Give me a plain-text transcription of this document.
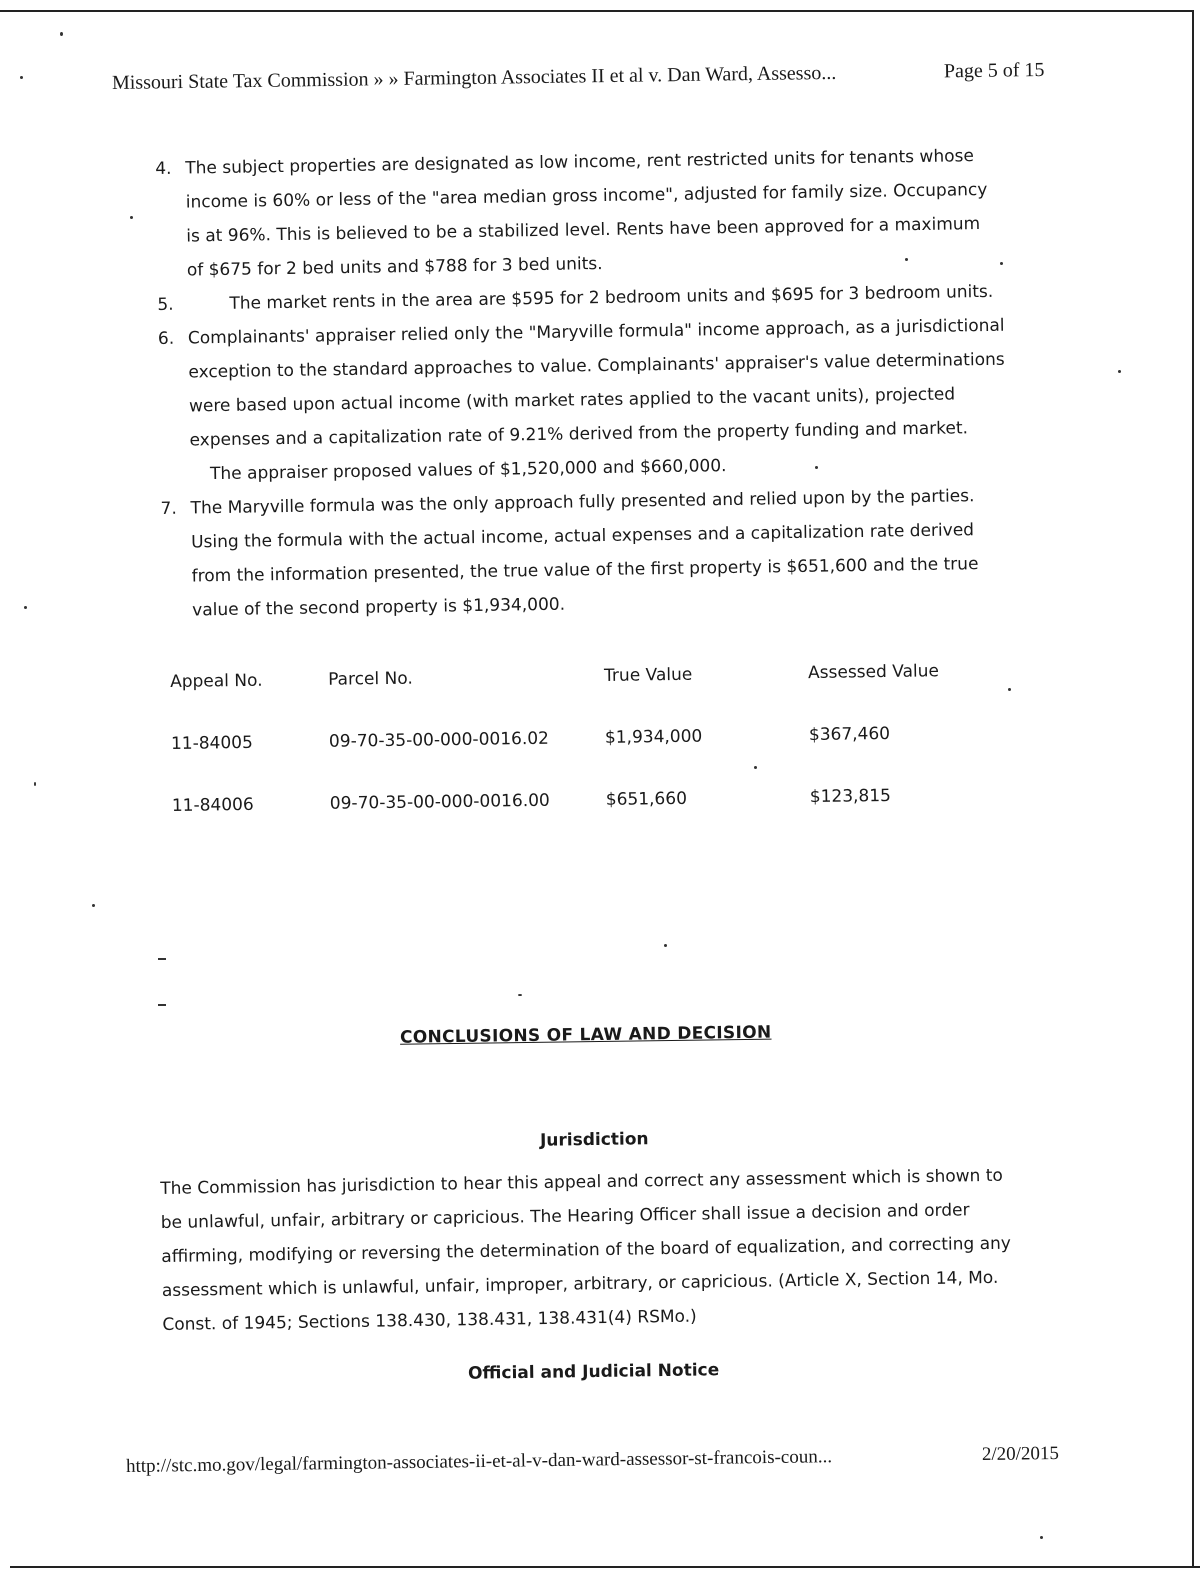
Missouri State Tax Commission » » Farmington Associates II et al v. Dan Ward, Assesso...	Page 5 of 15
4. The subject properties are designated as low income, rent restricted units for tenants whose
income is 60% or less of the "area median gross income", adjusted for family size. Occupancy
is at 96%. This is believed to be a stabilized level. Rents have been approved for a maximum
of $675 for 2 bed units and $788 for 3 bed units.
5.	The market rents in the area are $595 for 2 bedroom units and $695 for 3 bedroom units.
6. Complainants' appraiser relied only the "Maryville formula" income approach, as a jurisdictional
exception to the standard approaches to value. Complainants' appraiser's value determinations
were based upon actual income (with market rates applied to the vacant units), projected
expenses and a capitalization rate of 9.21% derived from the property funding and market.
The appraiser proposed values of $1,520,000 and $660,000.
7. The Maryville formula was the only approach fully presented and relied upon by the parties.
Using the formula with the actual income, actual expenses and a capitalization rate derived
from the information presented, the true value of the first property is $651,600 and the true
value of the second property is $1,934,000.
Appeal No.	Parcel No.	True Value	Assessed Value
11-84005	09-70-35-00-000-0016.02	$1,934,000	$367,460
11-84006	09-70-35-00-000-0016.00	$651,660	$123,815
CONCLUSIONS OF LAW AND DECISION
Jurisdiction
The Commission has jurisdiction to hear this appeal and correct any assessment which is shown to
be unlawful, unfair, arbitrary or capricious. The Hearing Officer shall issue a decision and order
affirming, modifying or reversing the determination of the board of equalization, and correcting any
assessment which is unlawful, unfair, improper, arbitrary, or capricious. (Article X, Section 14, Mo.
Const. of 1945; Sections 138.430, 138.431, 138.431(4) RSMo.)
Official and Judicial Notice
http://stc.mo.gov/legal/farmington-associates-ii-et-al-v-dan-ward-assessor-st-francois-coun...	2/20/2015
